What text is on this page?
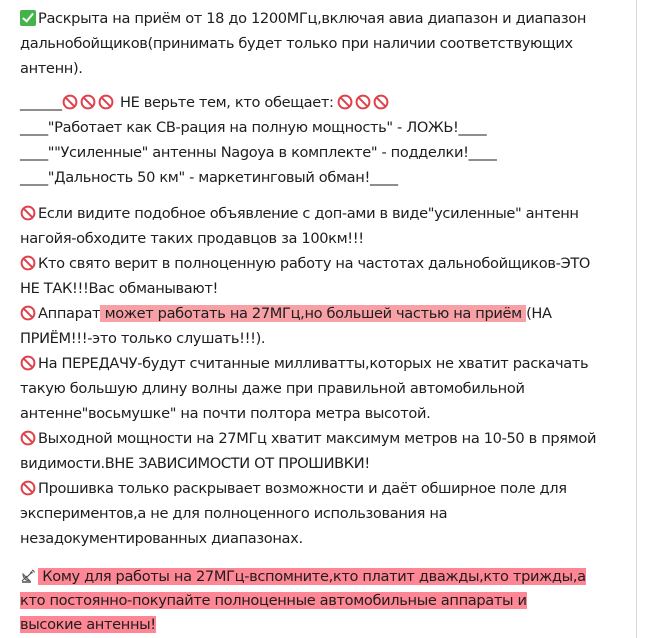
Раскрыта на приём от 18 до 1200МГц,включая авиа диапазон и диапазон
дальнобойщиков(принимать будет только при наличии соответствующих
антенн).
______	НЕ верьте тем, кто обещает:
____"Работает как СВ-рация на полную мощность" - ЛОЖЬ!____
____""Усиленные" антенны Nagoya в комплекте" - подделки!____
____"Дальность 50 км" - маркетинговый обман!____
Если видите подобное объявление с доп-ами в виде"усиленные" антенн
нагойя-обходите таких продавцов за 100км!!!
Кто свято верит в полноценную работу на частотах дальнобойщиков-ЭТО
НЕ ТАК!!!Вас обманывают!
Аппарат может работать на 27МГц,но большей частью на приём (НА
ПРИЁМ!!!-это только слушать!!!).
На ПЕРЕДАЧУ-будут считанные милливатты,которых не хватит раскачать
такую большую длину волны даже при правильной автомобильной
антенне"восьмушке" на почти полтора метра высотой.
Выходной мощности на 27МГц хватит максимум метров на 10-50 в прямой
видимости.ВНЕ ЗАВИСИМОСТИ ОТ ПРОШИВКИ!
Прошивка только раскрывает возможности и даёт обширное поле для
экспериментов,а не для полноценного использования на
незадокументированных диапазонах.
Кому для работы на 27МГц-вспомните,кто платит дважды,кто трижды,а
кто постоянно-покупайте полноценные автомобильные аппараты и
высокие антенны!
